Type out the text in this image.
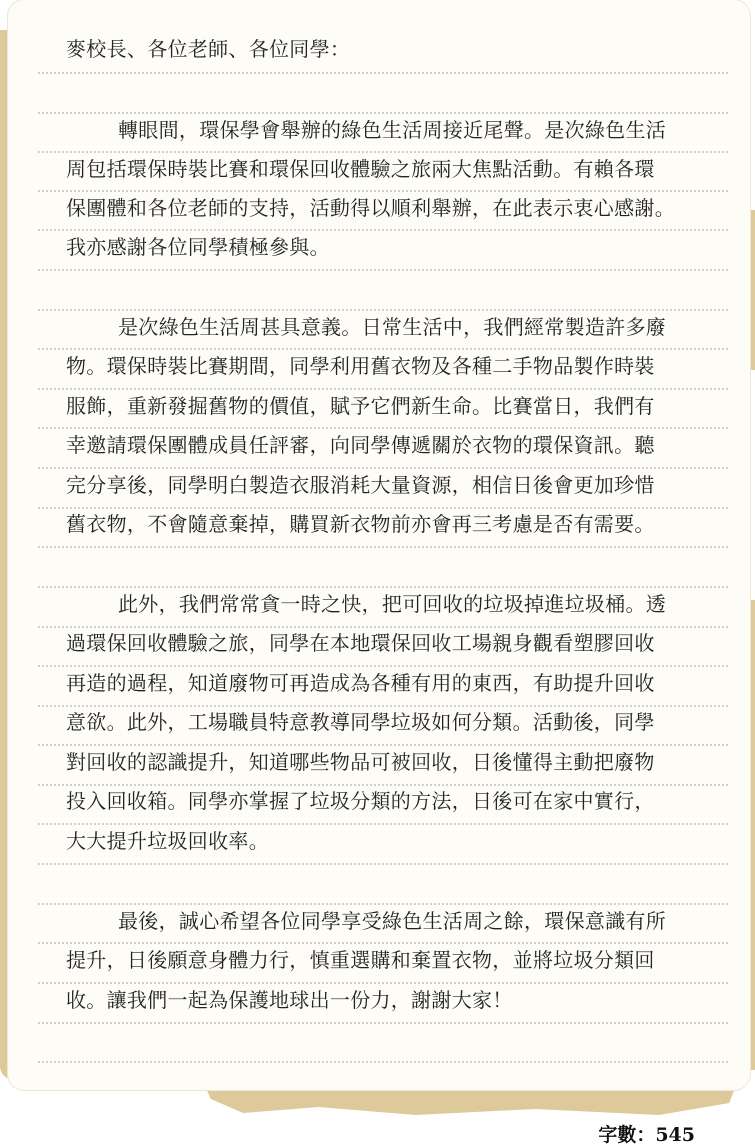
麥校長、各位老師、各位同學：
轉眼間，環保學會舉辦的綠色生活周接近尾聲。是次綠色生活
周包括環保時裝比賽和環保回收體驗之旅兩大焦點活動。有賴各環
保團體和各位老師的支持，活動得以順利舉辦，在此表示衷心感謝。
我亦感謝各位同學積極參與。
是次綠色生活周甚具意義。日常生活中，我們經常製造許多廢
物。環保時裝比賽期間，同學利用舊衣物及各種二手物品製作時裝
服飾，重新發掘舊物的價值，賦予它們新生命。比賽當日，我們有
幸邀請環保團體成員任評審，向同學傳遞關於衣物的環保資訊。聽
完分享後，同學明白製造衣服消耗大量資源，相信日後會更加珍惜
舊衣物，不會隨意棄掉，購買新衣物前亦會再三考慮是否有需要。
此外，我們常常貪一時之快，把可回收的垃圾掉進垃圾桶。透
過環保回收體驗之旅，同學在本地環保回收工場親身觀看塑膠回收
再造的過程，知道廢物可再造成為各種有用的東西，有助提升回收
意欲。此外，工場職員特意教導同學垃圾如何分類。活動後，同學
對回收的認識提升，知道哪些物品可被回收，日後懂得主動把廢物
投入回收箱。同學亦掌握了垃圾分類的方法，日後可在家中實行，
大大提升垃圾回收率。
最後，誠心希望各位同學享受綠色生活周之餘，環保意識有所
提升，日後願意身體力行，慎重選購和棄置衣物，並將垃圾分類回
收。讓我們一起為保護地球出一份力，謝謝大家！
字數：545
